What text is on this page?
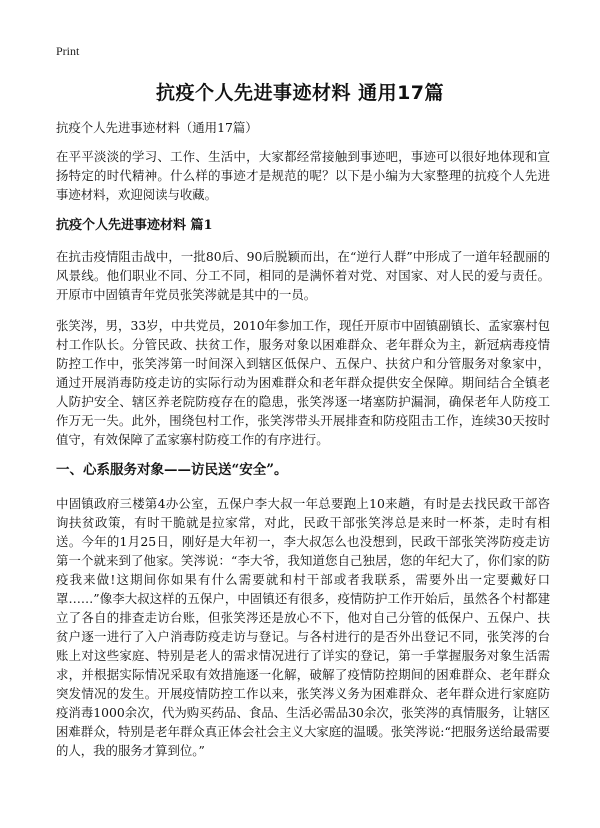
Print
抗疫个人先进事迹材料 通用17篇

抗疫个人先进事迹材料（通用17篇）

在平平淡淡的学习、工作、生活中，大家都经常接触到事迹吧，事迹可以很好地体现和宣扬特定的时代精神。什么样的事迹才是规范的呢？以下是小编为大家整理的抗疫个人先进事迹材料，欢迎阅读与收藏。

抗疫个人先进事迹材料 篇1

在抗击疫情阻击战中，一批80后、90后脱颖而出，在“逆行人群”中形成了一道年轻靓丽的风景线。他们职业不同、分工不同，相同的是满怀着对党、对国家、对人民的爱与责任。开原市中固镇青年党员张笑涔就是其中的一员。

张笑涔，男，33岁，中共党员，2010年参加工作，现任开原市中固镇副镇长、孟家寨村包村工作队长。分管民政、扶贫工作，服务对象以困难群众、老年群众为主，新冠病毒疫情防控工作中，张笑涔第一时间深入到辖区低保户、五保户、扶贫户和分管服务对象家中，通过开展消毒防疫走访的实际行动为困难群众和老年群众提供安全保障。期间结合全镇老人防护安全、辖区养老院防疫存在的隐患，张笑涔逐一堵塞防护漏洞，确保老年人防疫工作万无一失。此外，围绕包村工作，张笑涔带头开展排查和防疫阻击工作，连续30天按时值守，有效保障了孟家寨村防疫工作的有序进行。

一、心系服务对象——访民送“安全”。

中固镇政府三楼第4办公室，五保户李大叔一年总要跑上10来趟，有时是去找民政干部咨询扶贫政策，有时干脆就是拉家常，对此，民政干部张笑涔总是来时一杯茶，走时有相送。今年的1月25日，刚好是大年初一，李大叔怎么也没想到，民政干部张笑涔防疫走访第一个就来到了他家。笑涔说：“李大爷，我知道您自己独居，您的年纪大了，你们家的防疫我来做!这期间你如果有什么需要就和村干部或者我联系，需要外出一定要戴好口罩……”像李大叔这样的五保户，中固镇还有很多，疫情防护工作开始后，虽然各个村都建立了各自的排查走访台账，但张笑涔还是放心不下，他对自己分管的低保户、五保户、扶贫户逐一进行了入户消毒防疫走访与登记。与各村进行的是否外出登记不同，张笑涔的台账上对这些家庭、特别是老人的需求情况进行了详实的登记，第一手掌握服务对象生活需求，并根据实际情况采取有效措施逐一化解，破解了疫情防控期间的困难群众、老年群众突发情况的发生。开展疫情防控工作以来，张笑涔义务为困难群众、老年群众进行家庭防疫消毒1000余次，代为购买药品、食品、生活必需品30余次，张笑涔的真情服务，让辖区困难群众，特别是老年群众真正体会社会主义大家庭的温暖。张笑涔说:“把服务送给最需要的人，我的服务才算到位。”
